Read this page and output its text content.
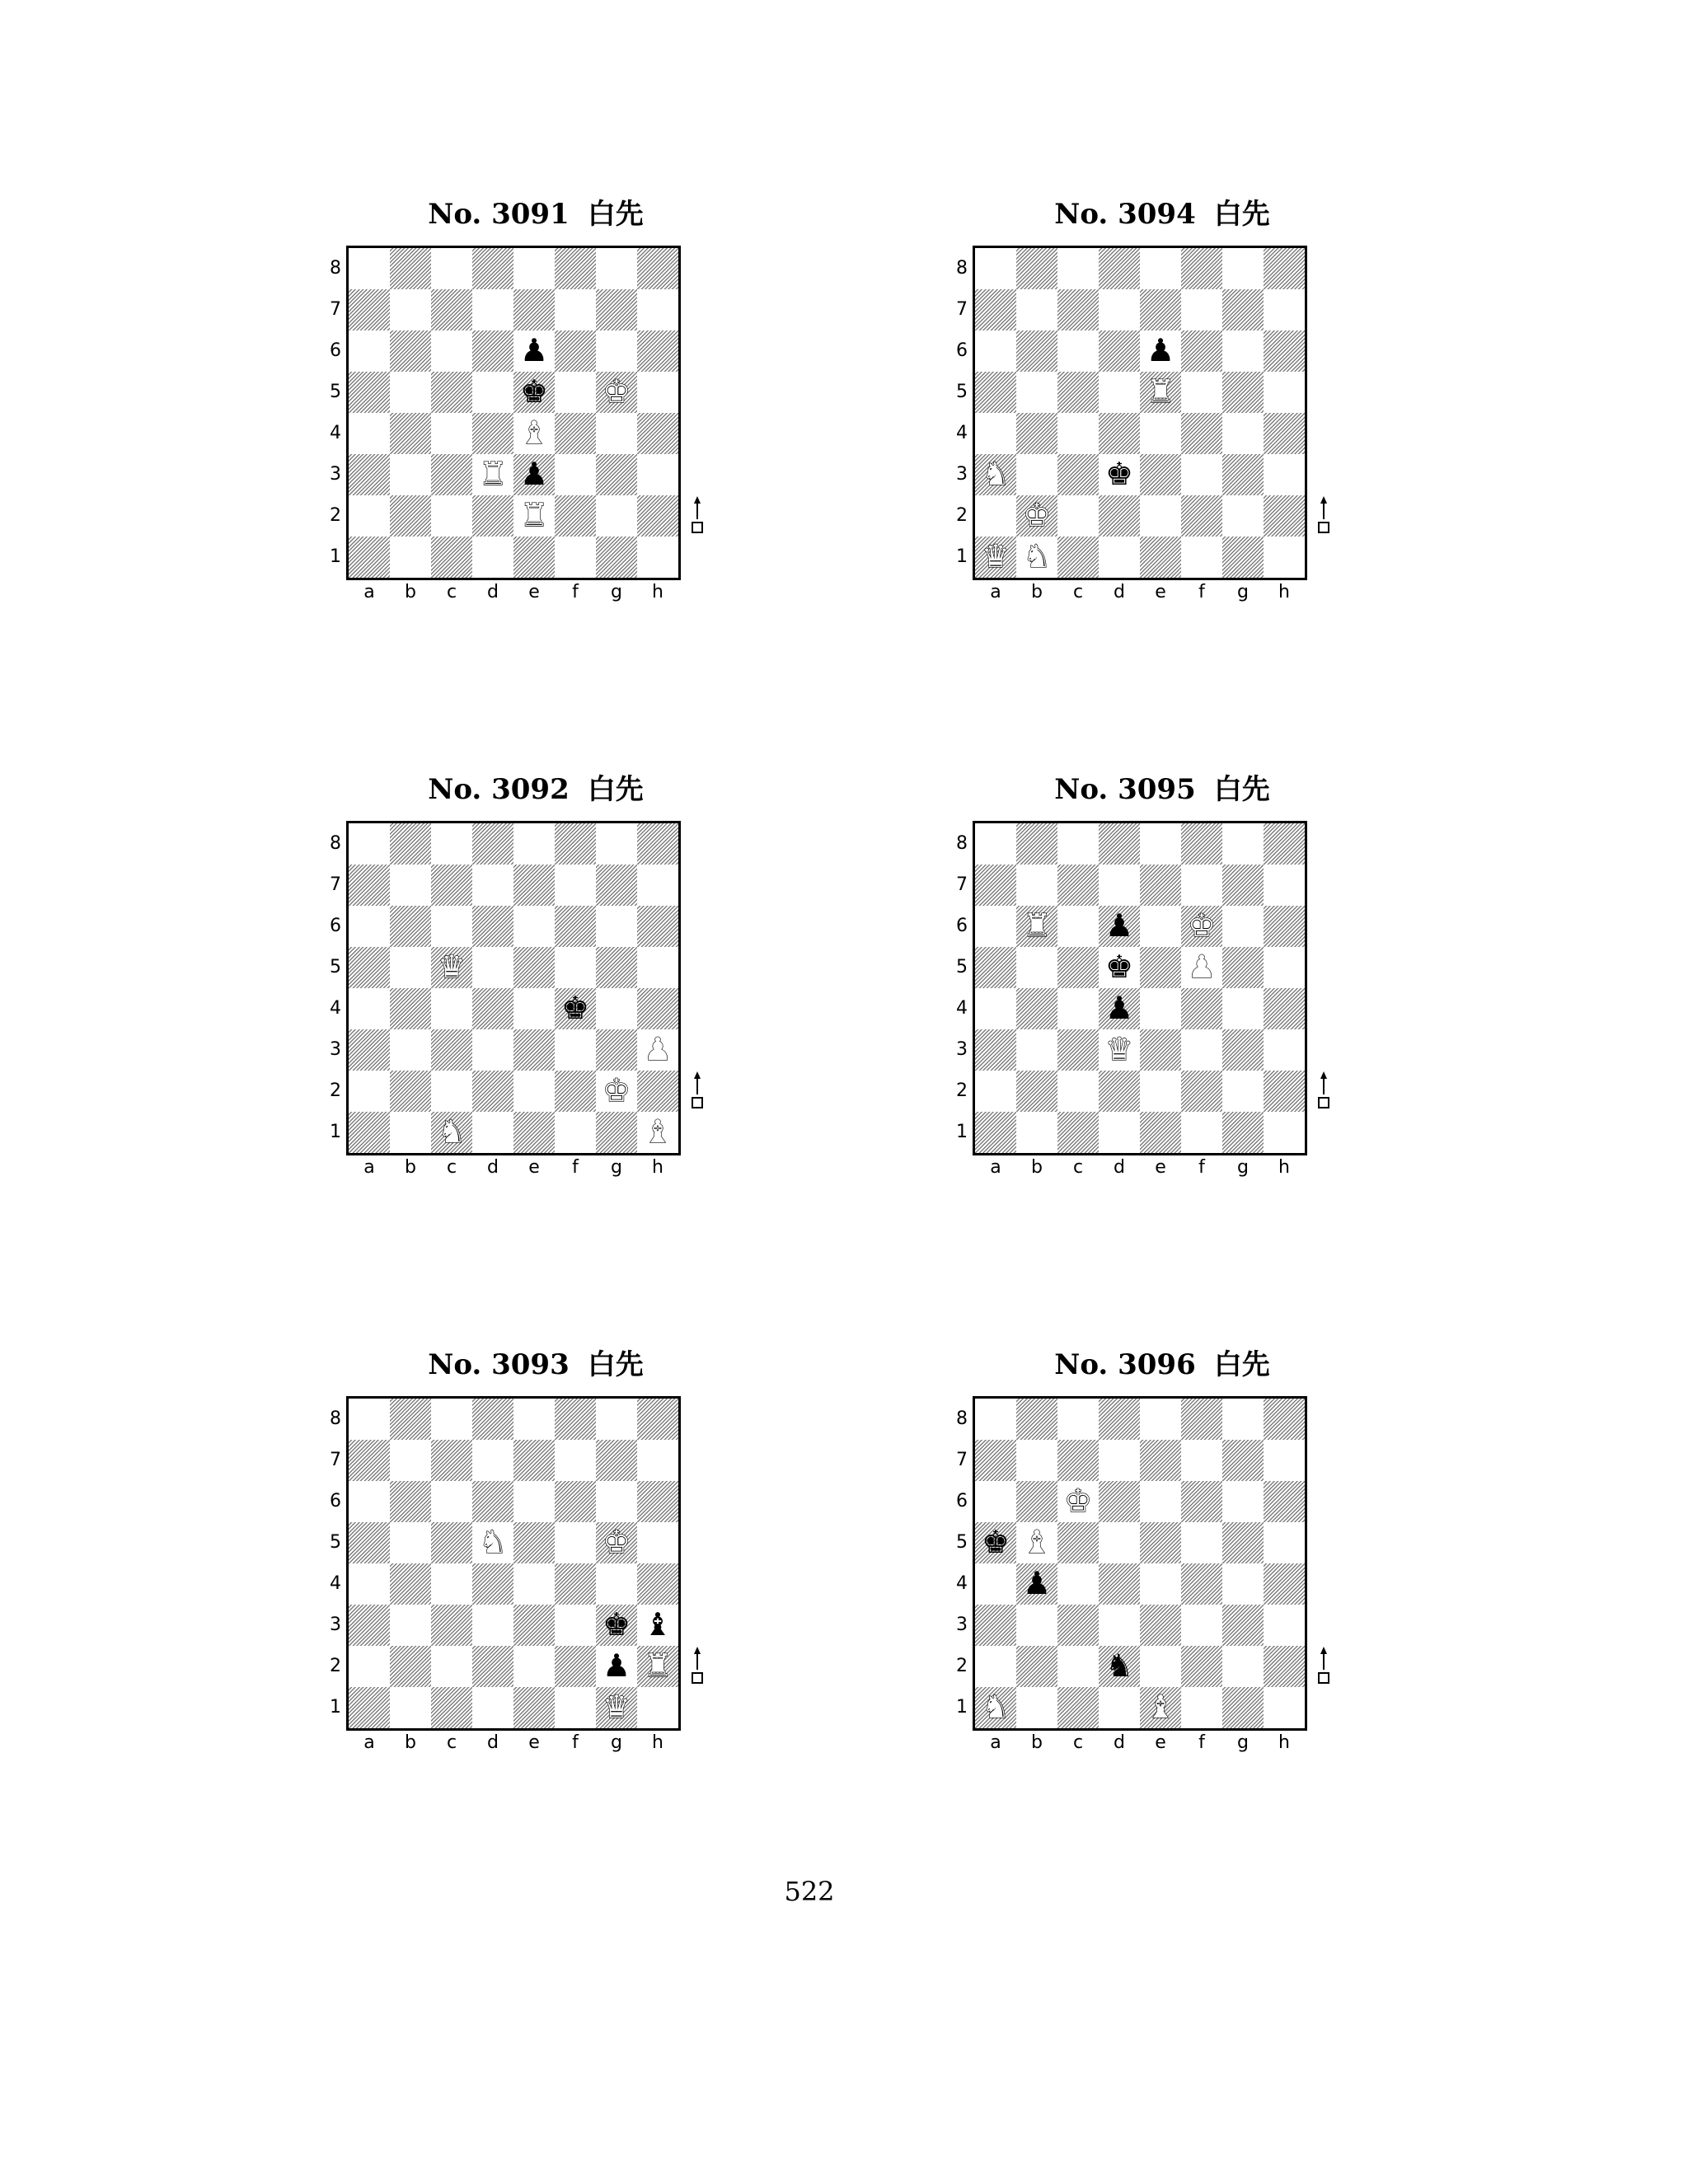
No. 3091 白先
♟
♚ ♚
♝
♜ ♟
♜
8
7
6
5
4
3
2
1
a	b	c	d	e	f	g	h
No. 3094 白先
♟
♜
♞	♚
♚
♛ ♞
8
7
6
5
4
3
2
1
a	b	c	d	e	f	g	h
No. 3092 白先
♛
♚
♟
♚
♞	♝
8
7
6
5
4
3
2
1
a	b	c	d	e	f	g	h
No. 3095 白先
♜ ♟ ♚
♚ ♟
♟
♛
8
7
6
5
4
3
2
1
a	b	c	d	e	f	g	h
No. 3093 白先
♞	♚
♚ ♝
♟ ♜
♛
8
7
6
5
4
3
2
1
a	b	c	d	e	f	g	h
No. 3096 白先
♚
♚ ♝
♟
♞
♞	♝
8
7
6
5
4
3
2
1
a	b	c	d	e	f	g	h
522
